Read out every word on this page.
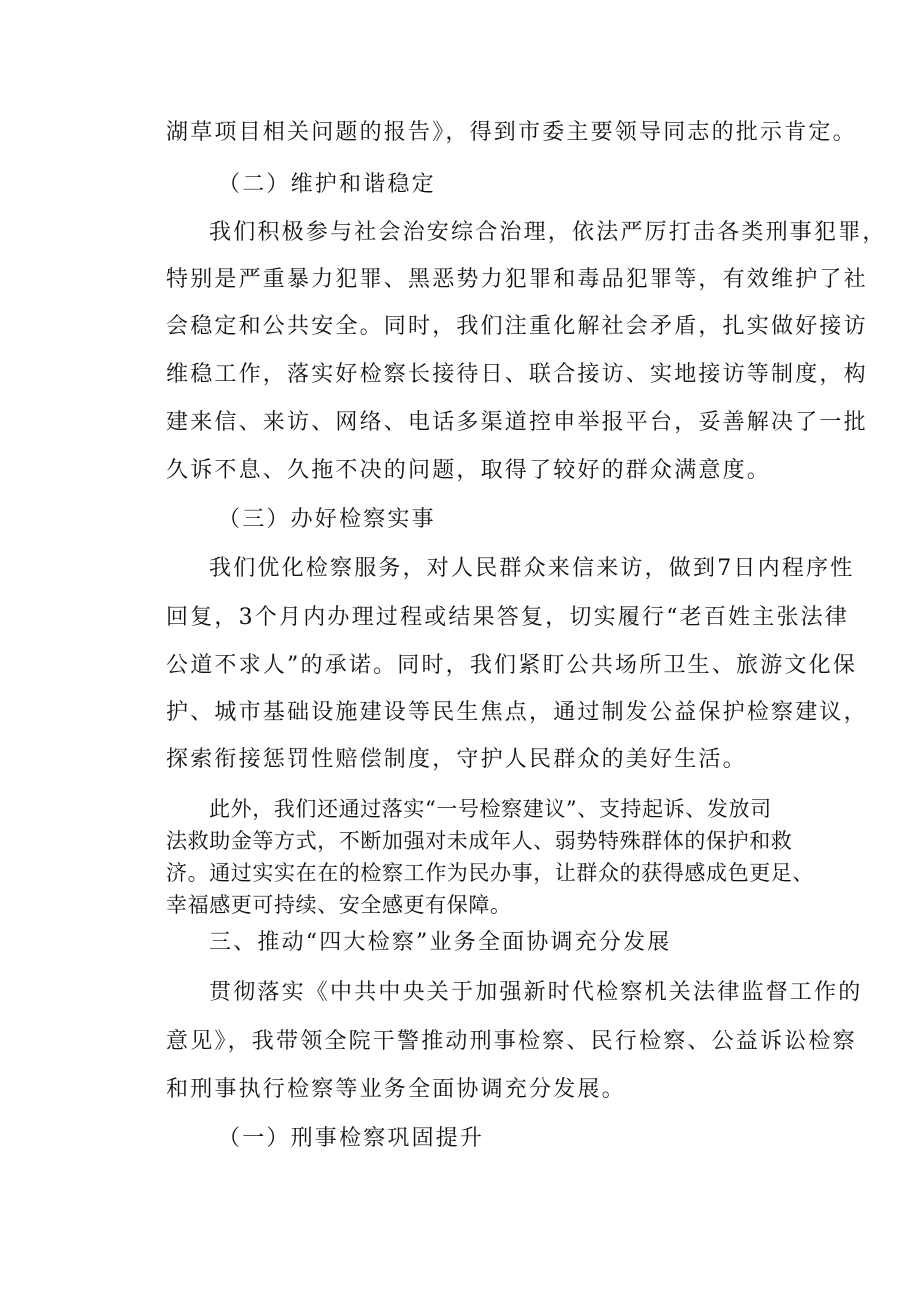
湖草项目相关问题的报告》，得到市委主要领导同志的批示肯定。
（二）维护和谐稳定
我们积极参与社会治安综合治理，依法严厉打击各类刑事犯罪，
特别是严重暴力犯罪、黑恶势力犯罪和毒品犯罪等，有效维护了社
会稳定和公共安全。同时，我们注重化解社会矛盾，扎实做好接访
维稳工作，落实好检察长接待日、联合接访、实地接访等制度，构
建来信、来访、网络、电话多渠道控申举报平台，妥善解决了一批
久诉不息、久拖不决的问题，取得了较好的群众满意度。
（三）办好检察实事
我们优化检察服务，对人民群众来信来访，做到7日内程序性
回复，3个月内办理过程或结果答复，切实履行“老百姓主张法律
公道不求人”的承诺。同时，我们紧盯公共场所卫生、旅游文化保
护、城市基础设施建设等民生焦点，通过制发公益保护检察建议，
探索衔接惩罚性赔偿制度，守护人民群众的美好生活。
此外，我们还通过落实“一号检察建议”、支持起诉、发放司
法救助金等方式，不断加强对未成年人、弱势特殊群体的保护和救
济。通过实实在在的检察工作为民办事，让群众的获得感成色更足、
幸福感更可持续、安全感更有保障。
三、推动“四大检察”业务全面协调充分发展
贯彻落实《中共中央关于加强新时代检察机关法律监督工作的
意见》，我带领全院干警推动刑事检察、民行检察、公益诉讼检察
和刑事执行检察等业务全面协调充分发展。
（一）刑事检察巩固提升
